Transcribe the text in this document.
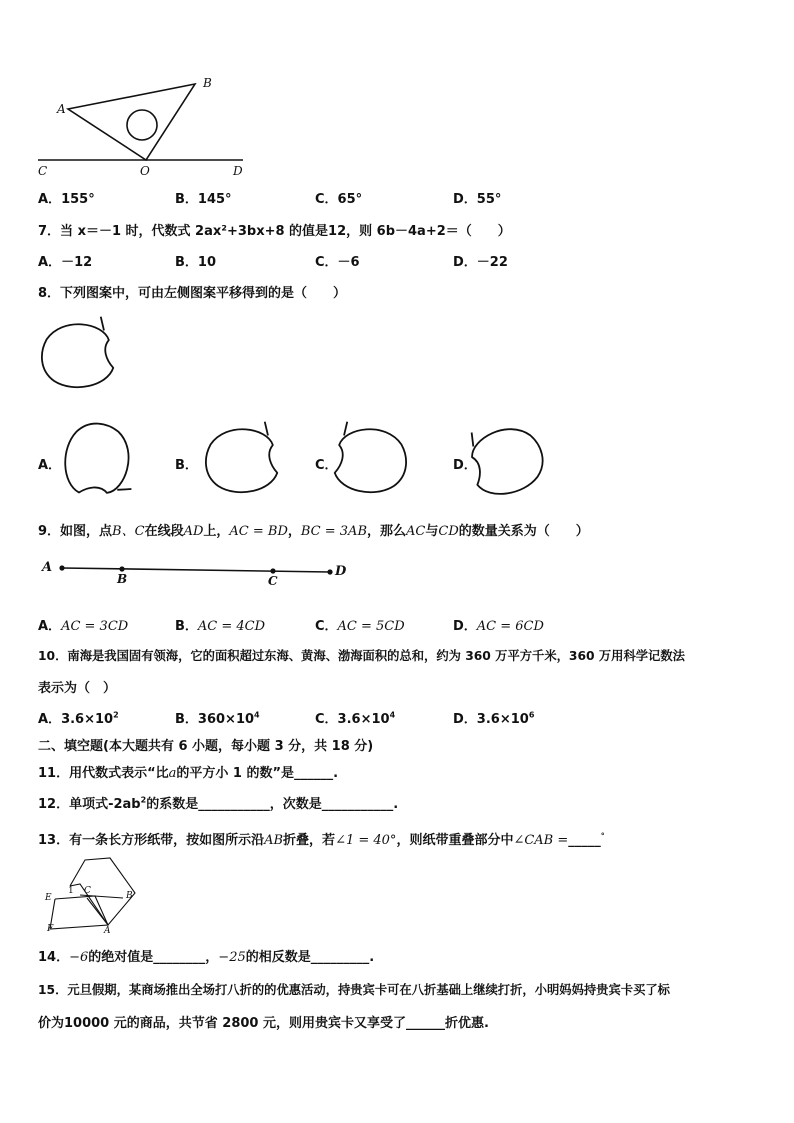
A
B
C	O	D
A．155°	B．145°	C．65°	D．55°
7．当 x＝－1 时，代数式 2ax²+3bx+8 的值是12，则 6b－4a+2＝（　　）
A．－12	B．10	C．－6	D．－22
8．下列图案中，可由左侧图案平移得到的是（　　）
A．	B．	C．	D．
9．如图，点B、C在线段AD上，AC = BD，BC = 3AB，那么AC与CD的数量关系为（　　）
A
B	C
D
A．AC = 3CD	B．AC = 4CD	C．AC = 5CD	D．AC = 6CD
10．南海是我国固有领海，它的面积超过东海、黄海、渤海面积的总和，约为 360 万平方千米，360 万用科学记数法
表示为（　）
A．$3.6\times 10^2$	B．$360\times 10^4$	C．$3.6\times 10^4$	D．$3.6\times 10^6$
二、填空题(本大题共有 6 小题，每小题 3 分，共 18 分)
11．用代数式表示“比a的平方小 1 的数”是______.
12．单项式$-2ab^2$的系数是___________，次数是___________.
13．有一条长方形纸带，按如图所示沿AB折叠，若∠1 = 40°，则纸带重叠部分中∠CAB =_____°
E
1 C	B
F	A
14．−6的绝对值是________，−25的相反数是_________.
15．元旦假期，某商场推出全场打八折的的优惠活动，持贵宾卡可在八折基础上继续打折，小明妈妈持贵宾卡买了标
价为10000 元的商品，共节省 2800 元，则用贵宾卡又享受了______折优惠.
